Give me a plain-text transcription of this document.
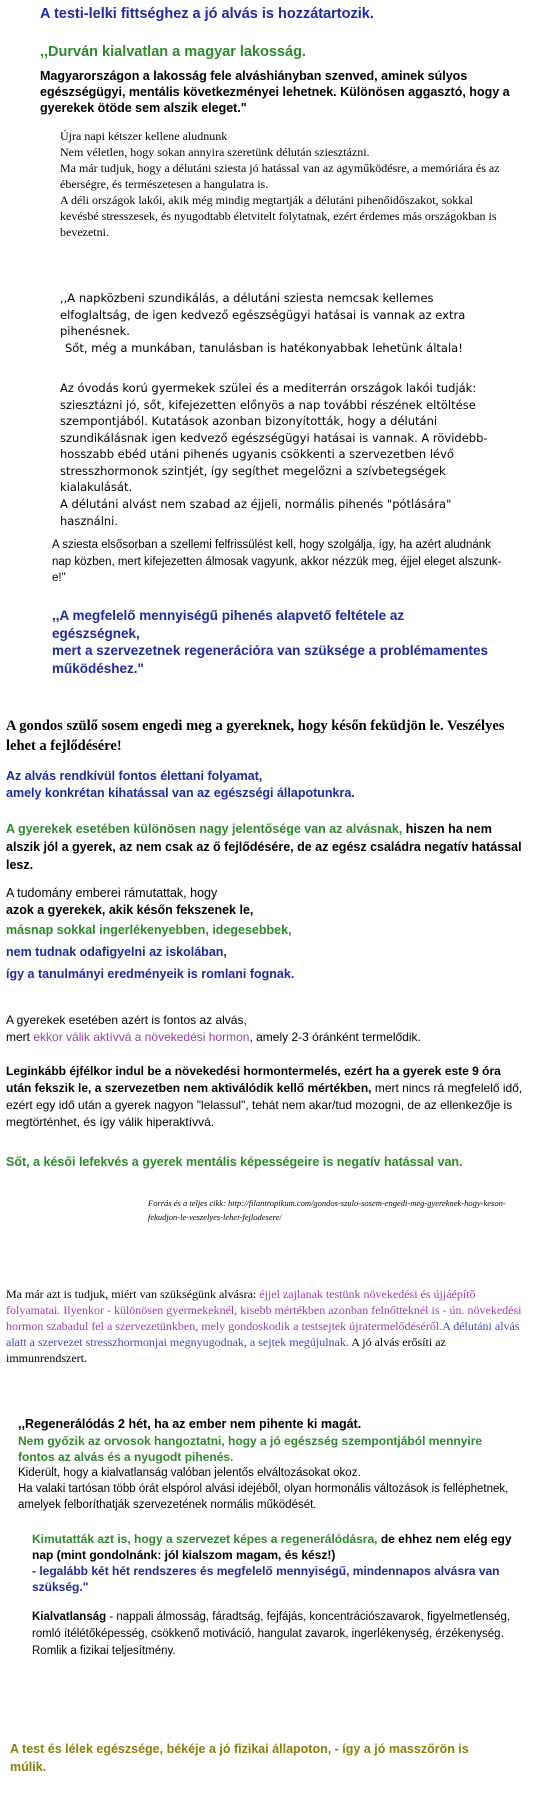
A testi-lelki fittséghez a jó alvás is hozzátartozik.

,,Durván kialvatlan a magyar lakosság.

Magyarországon a lakosság fele alváshiányban szenved, aminek súlyos egészségügyi, mentális következményei lehetnek. Különösen aggasztó, hogy a gyerekek ötöde sem alszik eleget."

Újra napi kétszer kellene aludnunk

Nem véletlen, hogy sokan annyira szeretünk délután sziesztázni.

Ma már tudjuk, hogy a délutáni sziesta jó hatással van az agyműködésre, a memóriára és az éberségre, és természetesen a hangulatra is.

A déli országok lakói, akik még mindig megtartják a délutáni pihenőidőszakot, sokkal kevésbé stresszesek, és nyugodtabb életvitelt folytatnak, ezért érdemes más országokban is bevezetni.

,,A napközbeni szundikálás, a délutáni sziesta nemcsak kellemes elfoglaltság, de igen kedvező egészségügyi hatásai is vannak az extra pihenésnek.

Sőt, még a munkában, tanulásban is hatékonyabbak lehetünk általa!

Az óvodás korú gyermekek szülei és a mediterrán országok lakói tudják: sziesztázni jó, sőt, kifejezetten előnyös a nap további részének eltöltése szempontjából. Kutatások azonban bizonyították, hogy a délutáni szundikálásnak igen kedvező egészségügyi hatásai is vannak. A rövidebb-hosszabb ebéd utáni pihenés ugyanis csökkenti a szervezetben lévő stresszhormonok szintjét, így segíthet megelőzni a szívbetegségek kialakulását.

A délutáni alvást nem szabad az éjjeli, normális pihenés "pótlására" használni.

A sziesta elsősorban a szellemi felfrissülést kell, hogy szolgálja, így, ha azért aludnánk nap közben, mert kifejezetten álmosak vagyunk, akkor nézzük meg, éjjel eleget alszunk-e!"

,,A megfelelő mennyiségű pihenés alapvető feltétele az egészségnek,

mert a szervezetnek regenerációra van szüksége a problémamentes működéshez."

A gondos szülő sosem engedi meg a gyereknek, hogy későn feküdjön le. Veszélyes lehet a fejlődésére!

Az alvás rendkívül fontos élettani folyamat,

amely konkrétan kihatással van az egészségi állapotunkra.

A gyerekek esetében különösen nagy jelentősége van az alvásnak, hiszen ha nem alszik jól a gyerek, az nem csak az ő fejlődésére, de az egész családra negatív hatással lesz.

A tudomány emberei rámutattak, hogy

azok a gyerekek, akik későn fekszenek le,

másnap sokkal ingerlékenyebben, idegesebbek,

nem tudnak odafigyelni az iskolában,

így a tanulmányi eredményeik is romlani fognak.

A gyerekek esetében azért is fontos az alvás,

mert ekkor válik aktívvá a növekedési hormon, amely 2-3 óránként termelődik.

Leginkább éjfélkor indul be a növekedési hormontermelés, ezért ha a gyerek este 9 óra után fekszik le, a szervezetben nem aktiválódik kellő mértékben, mert nincs rá megfelelő idő, ezért egy idő után a gyerek nagyon "lelassul", tehát nem akar/tud mozogni, de az ellenkezője is megtörténhet, és így válik hiperaktívvá.

Sőt, a késői lefekvés a gyerek mentális képességeire is negatív hatással van.

Forrás és a teljes cikk: http://filantropikum.com/gondos-szulo-sosem-engedi-meg-gyereknek-hogy-keson-fekudjon-le-veszelyes-lehet-fejlodesere/

Ma már azt is tudjuk, miért van szükségünk alvásra: éjjel zajlanak testünk növekedési és újjáépítő folyamatai. Ilyenkor - különösen gyermekeknél, kisebb mértékben azonban felnőtteknél is - ún. növekedési hormon szabadul fel a szervezetünkben, mely gondoskodik a testsejtek újratermelődéséről.A délutáni alvás alatt a szervezet stresszhormonjai megnyugodnak, a sejtek megújulnak. A jó alvás erősíti az immunrendszert.

,,Regenerálódás 2 hét, ha az ember nem pihente ki magát.

Nem győzik az orvosok hangoztatni, hogy a jó egészség szempontjából mennyire fontos az alvás és a nyugodt pihenés.

Kiderült, hogy a kialvatlanság valóban jelentős elváltozásokat okoz.

Ha valaki tartósan több órát elspórol alvási idejéből, olyan hormonális változások is felléphetnek, amelyek felboríthatják szervezetének normális működését.

Kimutatták azt is, hogy a szervezet képes a regenerálódásra, de ehhez nem elég egy nap (mint gondolnánk: jól kialszom magam, és kész!)
- legalább két hét rendszeres és megfelelő mennyiségű, mindennapos alvásra van szükség."

Kialvatlanság - nappali álmosság, fáradtság, fejfájás, koncentrációszavarok, figyelmetlenség, romló ítélétőképesség, csökkenő motiváció, hangulat zavarok, ingerlékenység, érzékenység. Romlik a fizikai teljesítmény.

A test és lélek egészsége, békéje a jó fizikai állapoton, - így a jó masszőrön is múlik.
